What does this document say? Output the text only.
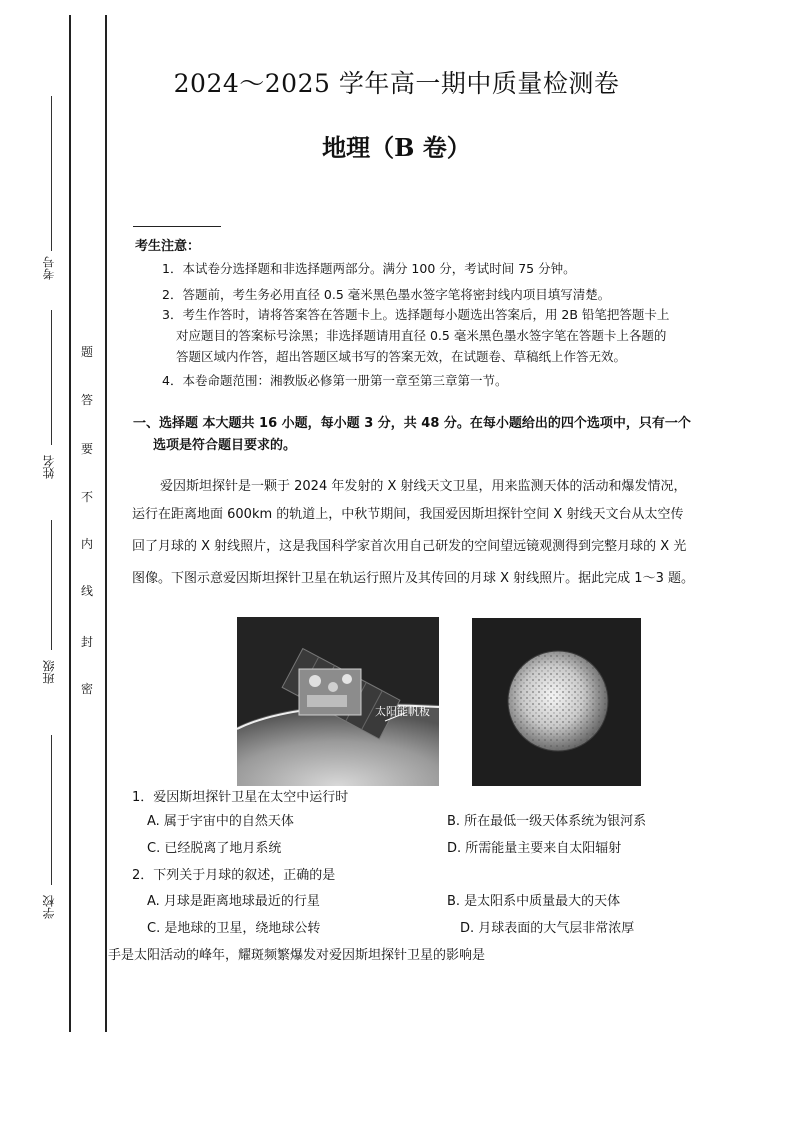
考号
姓名
班级
学校
密
封
线
内
不
要
答
题
2024～2025 学年高一期中质量检测卷
地理（B 卷）
考生注意：
1．本试卷分选择题和非选择题两部分。满分 100 分，考试时间 75 分钟。
2．答题前，考生务必用直径 0.5 毫米黑色墨水签字笔将密封线内项目填写清楚。
3．考生作答时，请将答案答在答题卡上。选择题每小题选出答案后，用 2B 铅笔把答题卡上
对应题目的答案标号涂黑；非选择题请用直径 0.5 毫米黑色墨水签字笔在答题卡上各题的
答题区域内作答，超出答题区域书写的答案无效，在试题卷、草稿纸上作答无效。
4．本卷命题范围：湘教版必修第一册第一章至第三章第一节。
一、选择题 本大题共 16 小题，每小题 3 分，共 48 分。在每小题给出的四个选项中，只有一个
选项是符合题目要求的。
爱因斯坦探针是一颗于 2024 年发射的 X 射线天文卫星，用来监测天体的活动和爆发情况，
运行在距离地面 600km 的轨道上，中秋节期间，我国爱因斯坦探针空间 X 射线天文台从太空传
回了月球的 X 射线照片，这是我国科学家首次用自己研发的空间望远镜观测得到完整月球的 X 光
图像。下图示意爱因斯坦探针卫星在轨运行照片及其传回的月球 X 射线照片。据此完成 1～3 题。
太阳能帆板
1．爱因斯坦探针卫星在太空中运行时
A. 属于宇宙中的自然天体	B. 所在最低一级天体系统为银河系
C. 已经脱离了地月系统	D. 所需能量主要来自太阳辐射
2．下列关于月球的叙述，正确的是
A. 月球是距离地球最近的行星	B. 是太阳系中质量最大的天体
C. 是地球的卫星，绕地球公转	D. 月球表面的大气层非常浓厚
手是太阳活动的峰年，耀斑频繁爆发对爱因斯坦探针卫星的影响是
